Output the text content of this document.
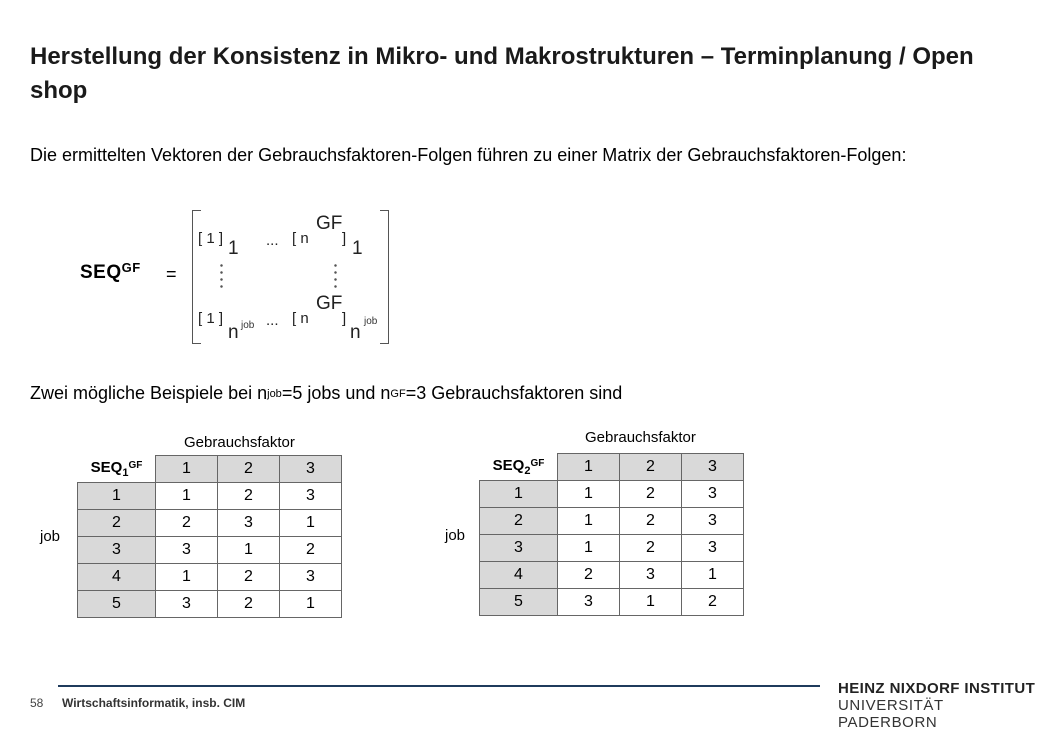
Herstellung der Konsistenz in Mikro- und Makrostrukturen – Terminplanung / Open shop
Die ermittelten Vektoren der Gebrauchsfaktoren-Folgen führen zu einer Matrix der Gebrauchsfaktoren-Folgen:
$SEQ^{GF}$ =
[ 1 ] 1 ... [ n
GF
] 1
[ 1 ]
n job ... [ n
GF
]
n
job
Zwei mögliche Beispiele bei $n^{job}=5$ jobs und $n^{GF}=3$ Gebrauchsfaktoren sind
Gebrauchsfaktor
job
$SEQ_1^{GF}$	1	2	3
1	1	2	3
2	2	3	1
3	3	1	2
4	1	2	3
5	3	2	1
Gebrauchsfaktor
job
$SEQ_2^{GF}$	1	2	3
1	1	2	3
2	1	2	3
3	1	2	3
4	2	3	1
5	3	1	2
58 Wirtschaftsinformatik, insb. CIM
HEINZ NIXDORF INSTITUT
UNIVERSITÄT PADERBORN
